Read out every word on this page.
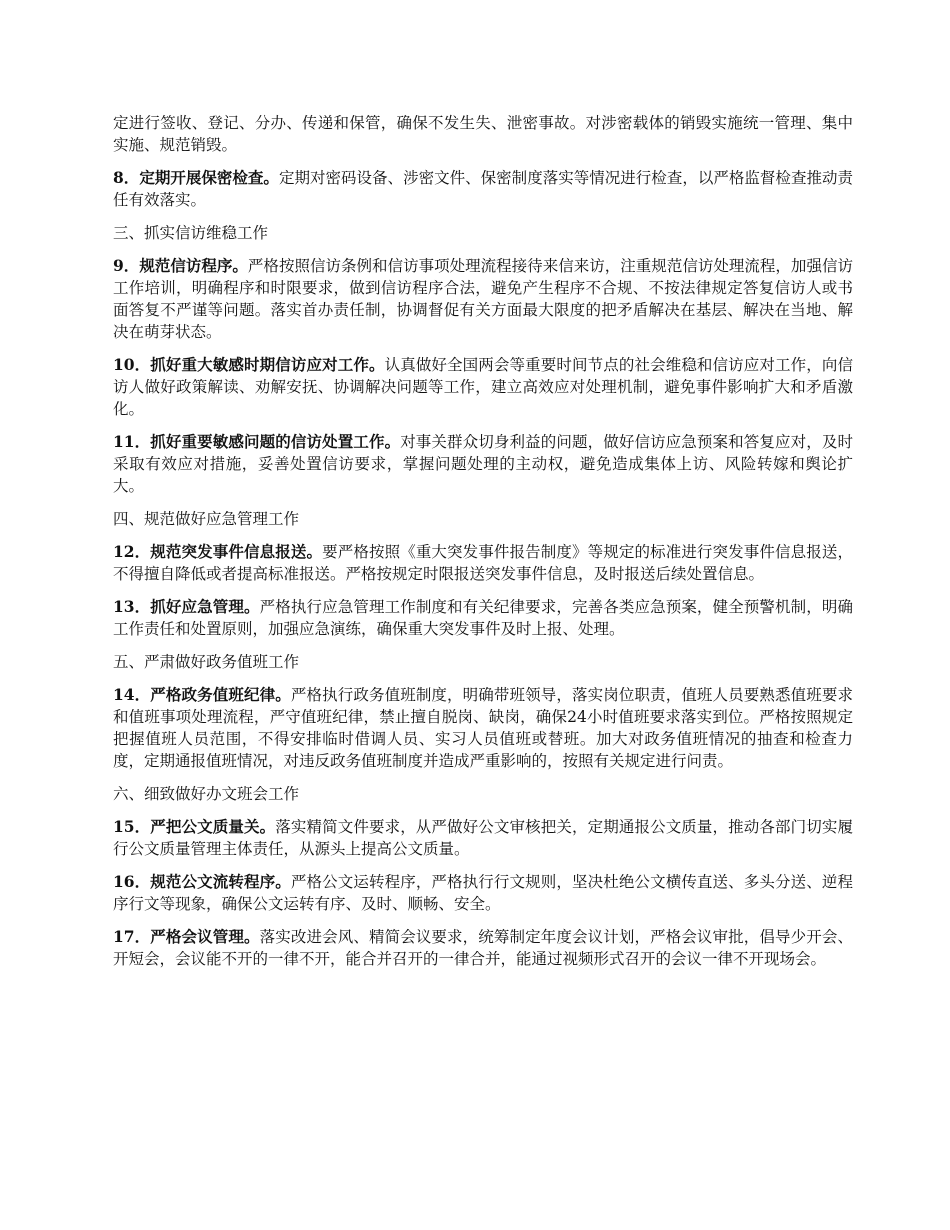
定进行签收、登记、分办、传递和保管，确保不发生失、泄密事故。对涉密载体的销毁实施统一管理、集中实施、规范销毁。

8．定期开展保密检查。定期对密码设备、涉密文件、保密制度落实等情况进行检查，以严格监督检查推动责任有效落实。

三、抓实信访维稳工作

9．规范信访程序。严格按照信访条例和信访事项处理流程接待来信来访，注重规范信访处理流程，加强信访工作培训，明确程序和时限要求，做到信访程序合法，避免产生程序不合规、不按法律规定答复信访人或书面答复不严谨等问题。落实首办责任制，协调督促有关方面最大限度的把矛盾解决在基层、解决在当地、解决在萌芽状态。

10．抓好重大敏感时期信访应对工作。认真做好全国两会等重要时间节点的社会维稳和信访应对工作，向信访人做好政策解读、劝解安抚、协调解决问题等工作，建立高效应对处理机制，避免事件影响扩大和矛盾激化。

11．抓好重要敏感问题的信访处置工作。对事关群众切身利益的问题，做好信访应急预案和答复应对，及时采取有效应对措施，妥善处置信访要求，掌握问题处理的主动权，避免造成集体上访、风险转嫁和舆论扩大。

四、规范做好应急管理工作

12．规范突发事件信息报送。要严格按照《重大突发事件报告制度》等规定的标准进行突发事件信息报送，不得擅自降低或者提高标准报送。严格按规定时限报送突发事件信息，及时报送后续处置信息。

13．抓好应急管理。严格执行应急管理工作制度和有关纪律要求，完善各类应急预案，健全预警机制，明确工作责任和处置原则，加强应急演练，确保重大突发事件及时上报、处理。

五、严肃做好政务值班工作

14．严格政务值班纪律。严格执行政务值班制度，明确带班领导，落实岗位职责，值班人员要熟悉值班要求和值班事项处理流程，严守值班纪律，禁止擅自脱岗、缺岗，确保24小时值班要求落实到位。严格按照规定把握值班人员范围，不得安排临时借调人员、实习人员值班或替班。加大对政务值班情况的抽查和检查力度，定期通报值班情况，对违反政务值班制度并造成严重影响的，按照有关规定进行问责。

六、细致做好办文班会工作

15．严把公文质量关。落实精简文件要求，从严做好公文审核把关，定期通报公文质量，推动各部门切实履行公文质量管理主体责任，从源头上提高公文质量。

16．规范公文流转程序。严格公文运转程序，严格执行行文规则，坚决杜绝公文横传直送、多头分送、逆程序行文等现象，确保公文运转有序、及时、顺畅、安全。

17．严格会议管理。落实改进会风、精简会议要求，统筹制定年度会议计划，严格会议审批，倡导少开会、开短会，会议能不开的一律不开，能合并召开的一律合并，能通过视频形式召开的会议一律不开现场会。
